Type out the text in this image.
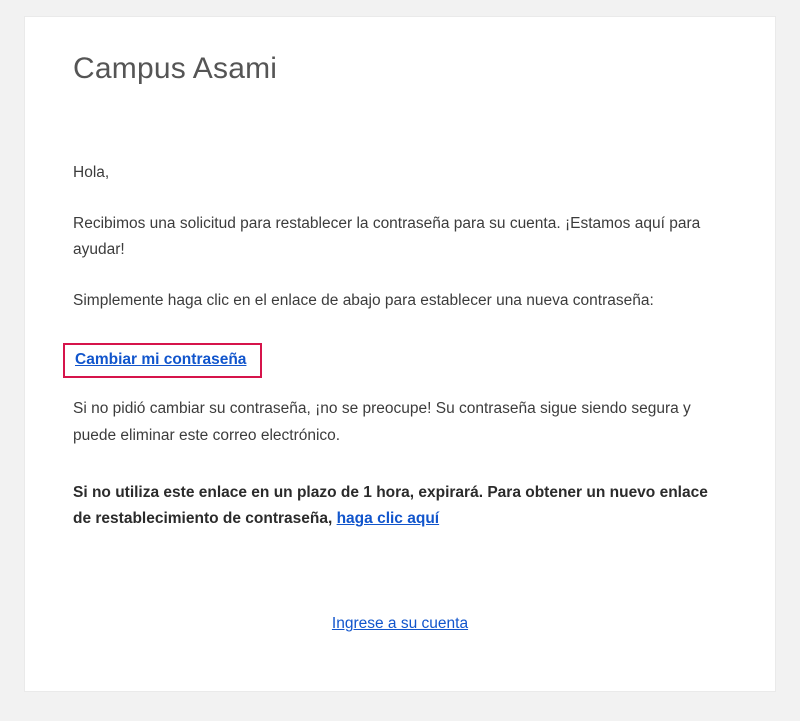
Campus Asami

Hola,

Recibimos una solicitud para restablecer la contraseña para su cuenta. ¡Estamos aquí para ayudar!

Simplemente haga clic en el enlace de abajo para establecer una nueva contraseña:

Cambiar mi contraseña

Si no pidió cambiar su contraseña, ¡no se preocupe! Su contraseña sigue siendo segura y puede eliminar este correo electrónico.

Si no utiliza este enlace en un plazo de 1 hora, expirará. Para obtener un nuevo enlace de restablecimiento de contraseña, haga clic aquí

Ingrese a su cuenta
